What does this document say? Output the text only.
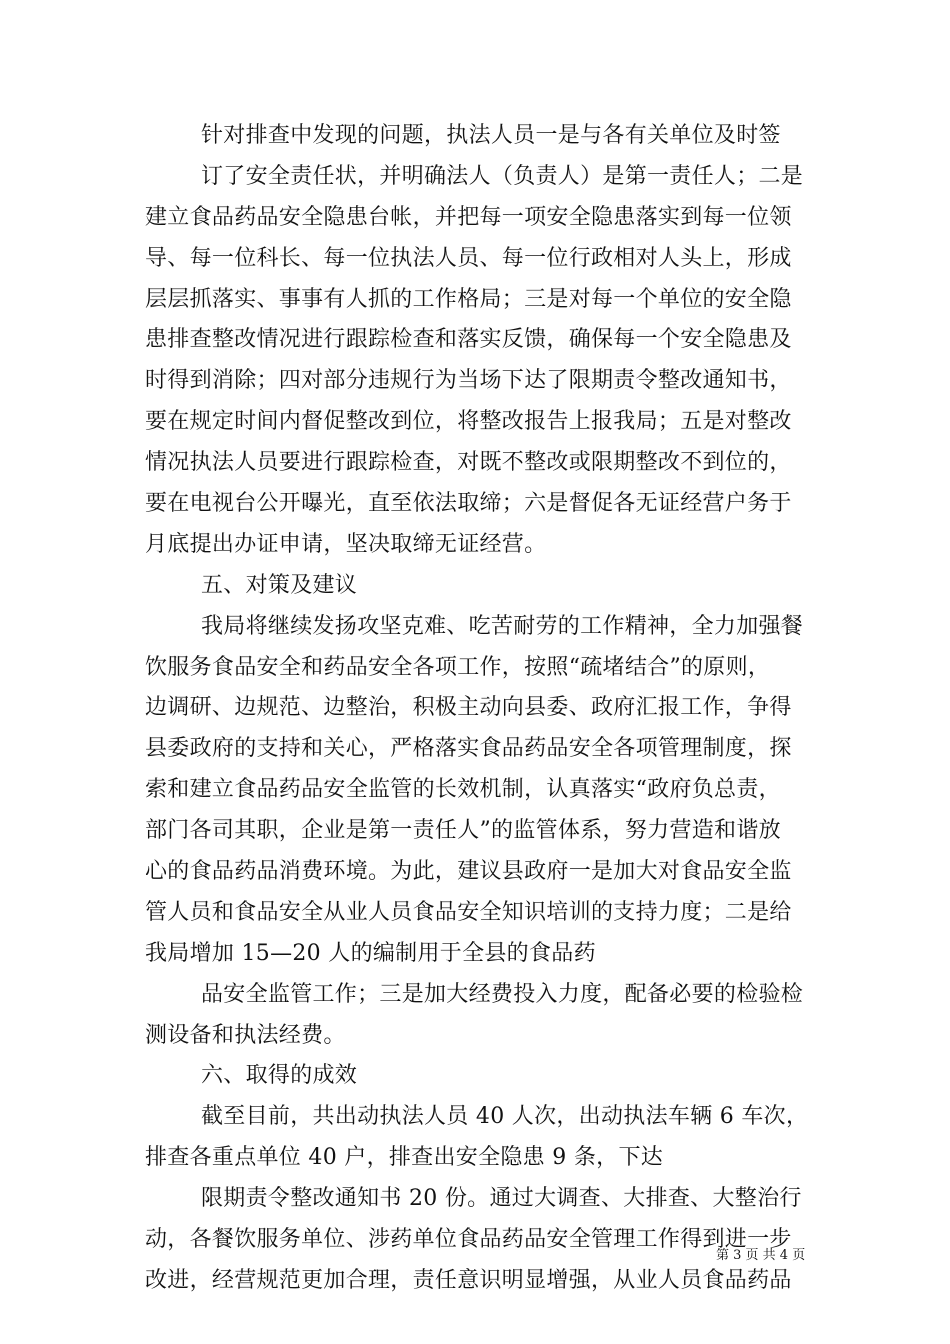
针对排查中发现的问题，执法人员一是与各有关单位及时签
订了安全责任状，并明确法人（负责人）是第一责任人；二是
建立食品药品安全隐患台帐，并把每一项安全隐患落实到每一位领
导、每一位科长、每一位执法人员、每一位行政相对人头上，形成
层层抓落实、事事有人抓的工作格局；三是对每一个单位的安全隐
患排查整改情况进行跟踪检查和落实反馈，确保每一个安全隐患及
时得到消除；四对部分违规行为当场下达了限期责令整改通知书，
要在规定时间内督促整改到位，将整改报告上报我局；五是对整改
情况执法人员要进行跟踪检查，对既不整改或限期整改不到位的，
要在电视台公开曝光，直至依法取缔；六是督促各无证经营户务于
月底提出办证申请，坚决取缔无证经营。
五、对策及建议
我局将继续发扬攻坚克难、吃苦耐劳的工作精神，全力加强餐
饮服务食品安全和药品安全各项工作，按照“疏堵结合”的原则，
边调研、边规范、边整治，积极主动向县委、政府汇报工作，争得
县委政府的支持和关心，严格落实食品药品安全各项管理制度，探
索和建立食品药品安全监管的长效机制，认真落实“政府负总责，
部门各司其职，企业是第一责任人”的监管体系，努力营造和谐放
心的食品药品消费环境。为此，建议县政府一是加大对食品安全监
管人员和食品安全从业人员食品安全知识培训的支持力度；二是给
我局增加 15—20 人的编制用于全县的食品药
品安全监管工作；三是加大经费投入力度，配备必要的检验检
测设备和执法经费。
六、取得的成效
截至目前，共出动执法人员 40 人次，出动执法车辆 6 车次，
排查各重点单位 40 户，排查出安全隐患 9 条，下达
限期责令整改通知书 20 份。通过大调查、大排查、大整治行
动，各餐饮服务单位、涉药单位食品药品安全管理工作得到进一步
改进，经营规范更加合理，责任意识明显增强，从业人员食品药品
第 3 页 共 4 页
